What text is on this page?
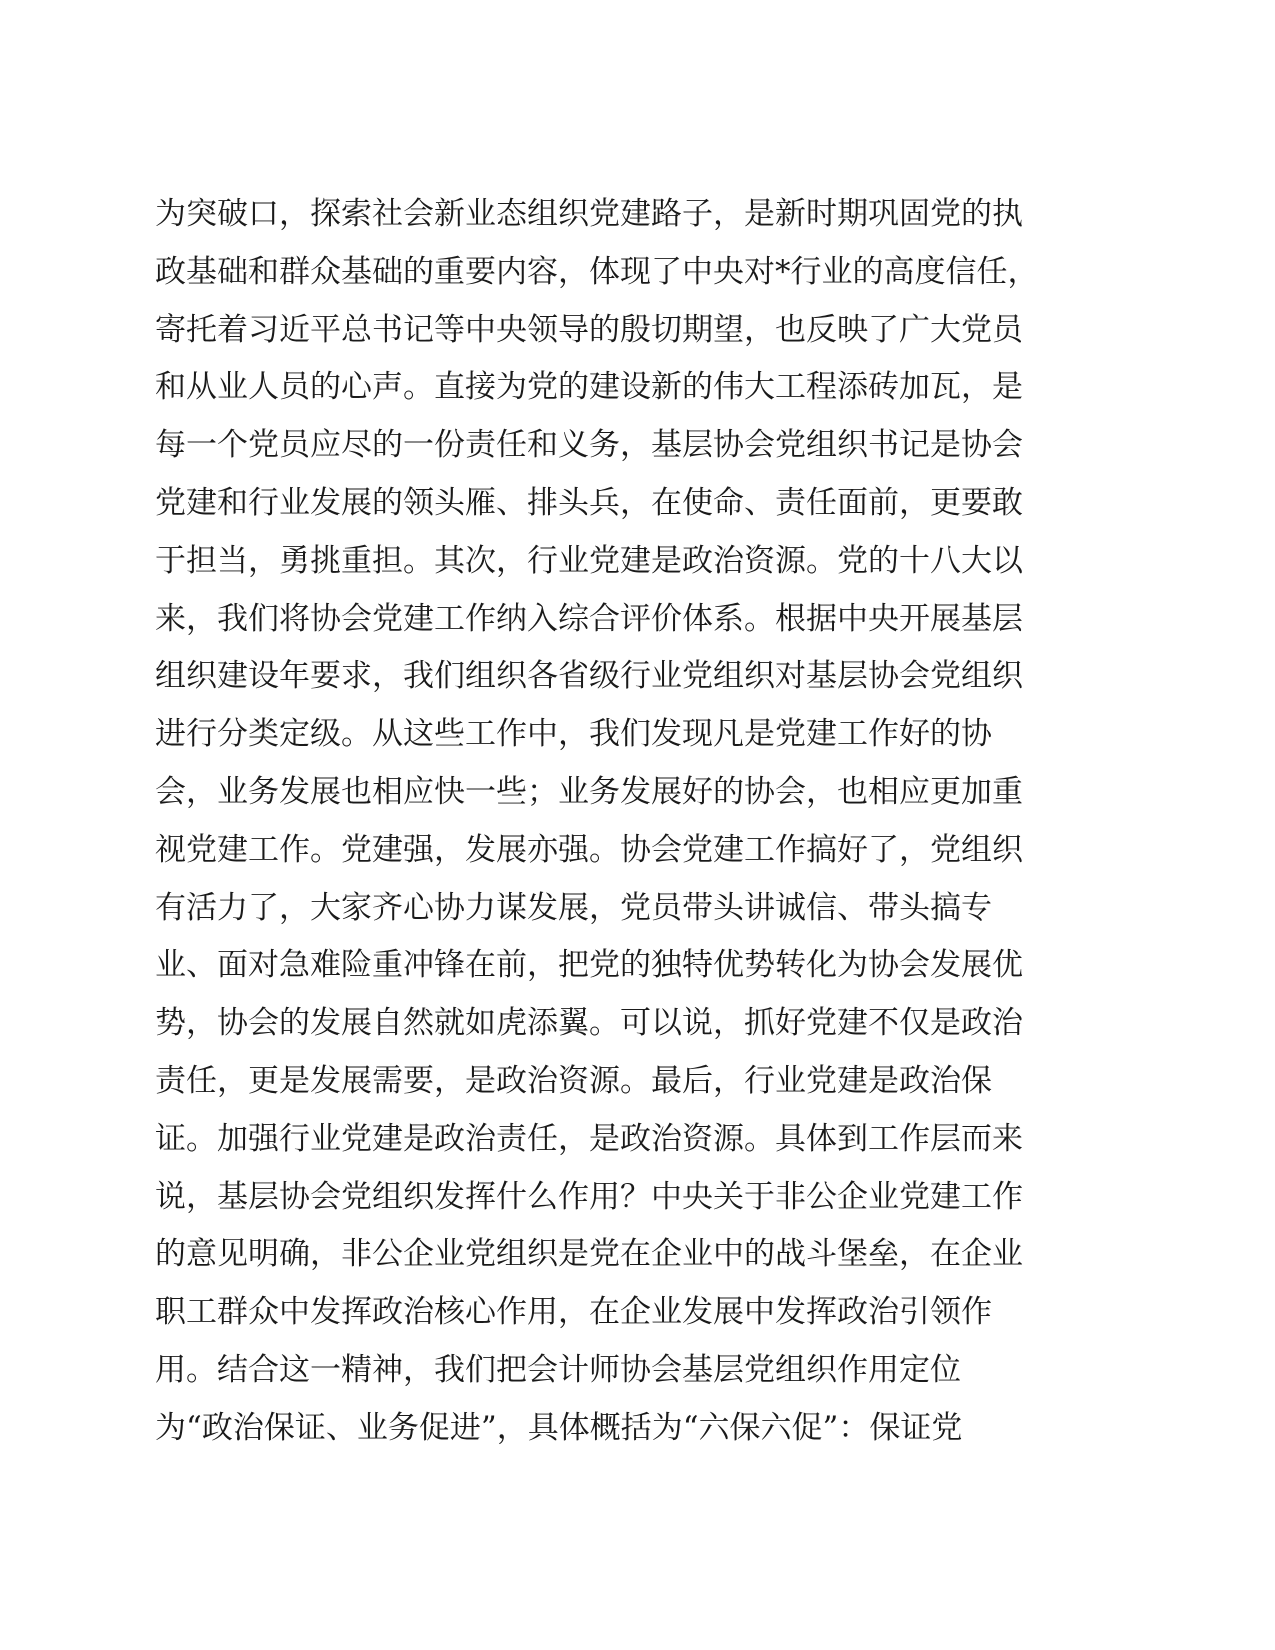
为突破口，探索社会新业态组织党建路子，是新时期巩固党的执
政基础和群众基础的重要内容，体现了中央对*行业的高度信任，
寄托着习近平总书记等中央领导的殷切期望，也反映了广大党员
和从业人员的心声。直接为党的建设新的伟大工程添砖加瓦，是
每一个党员应尽的一份责任和义务，基层协会党组织书记是协会
党建和行业发展的领头雁、排头兵，在使命、责任面前，更要敢
于担当，勇挑重担。其次，行业党建是政治资源。党的十八大以
来，我们将协会党建工作纳入综合评价体系。根据中央开展基层
组织建设年要求，我们组织各省级行业党组织对基层协会党组织
进行分类定级。从这些工作中，我们发现凡是党建工作好的协
会，业务发展也相应快一些；业务发展好的协会，也相应更加重
视党建工作。党建强，发展亦强。协会党建工作搞好了，党组织
有活力了，大家齐心协力谋发展，党员带头讲诚信、带头搞专
业、面对急难险重冲锋在前，把党的独特优势转化为协会发展优
势，协会的发展自然就如虎添翼。可以说，抓好党建不仅是政治
责任，更是发展需要，是政治资源。最后，行业党建是政治保
证。加强行业党建是政治责任，是政治资源。具体到工作层而来
说，基层协会党组织发挥什么作用？中央关于非公企业党建工作
的意见明确，非公企业党组织是党在企业中的战斗堡垒，在企业
职工群众中发挥政治核心作用，在企业发展中发挥政治引领作
用。结合这一精神，我们把会计师协会基层党组织作用定位
为“政治保证、业务促进”，具体概括为“六保六促”：保证党
